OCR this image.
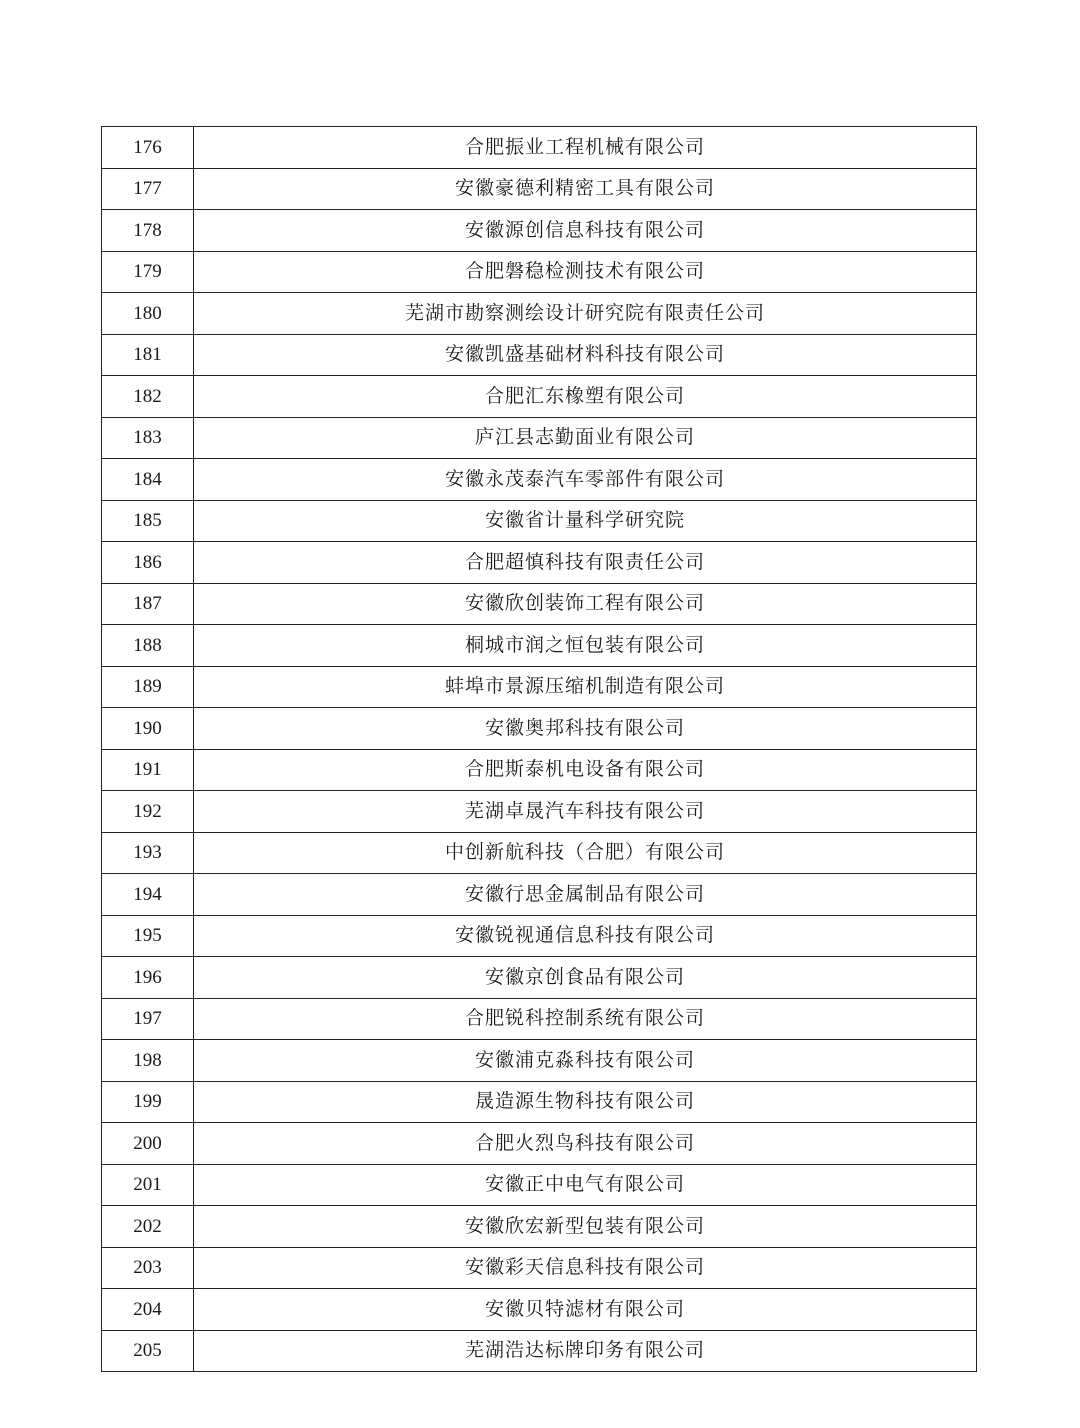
176	合肥振业工程机械有限公司
177	安徽豪德利精密工具有限公司
178	安徽源创信息科技有限公司
179	合肥磐稳检测技术有限公司
180	芜湖市勘察测绘设计研究院有限责任公司
181	安徽凯盛基础材料科技有限公司
182	合肥汇东橡塑有限公司
183	庐江县志勤面业有限公司
184	安徽永茂泰汽车零部件有限公司
185	安徽省计量科学研究院
186	合肥超慎科技有限责任公司
187	安徽欣创装饰工程有限公司
188	桐城市润之恒包装有限公司
189	蚌埠市景源压缩机制造有限公司
190	安徽奥邦科技有限公司
191	合肥斯泰机电设备有限公司
192	芜湖卓晟汽车科技有限公司
193	中创新航科技（合肥）有限公司
194	安徽行思金属制品有限公司
195	安徽锐视通信息科技有限公司
196	安徽京创食品有限公司
197	合肥锐科控制系统有限公司
198	安徽浦克淼科技有限公司
199	晟造源生物科技有限公司
200	合肥火烈鸟科技有限公司
201	安徽正中电气有限公司
202	安徽欣宏新型包装有限公司
203	安徽彩天信息科技有限公司
204	安徽贝特滤材有限公司
205	芜湖浩达标牌印务有限公司
